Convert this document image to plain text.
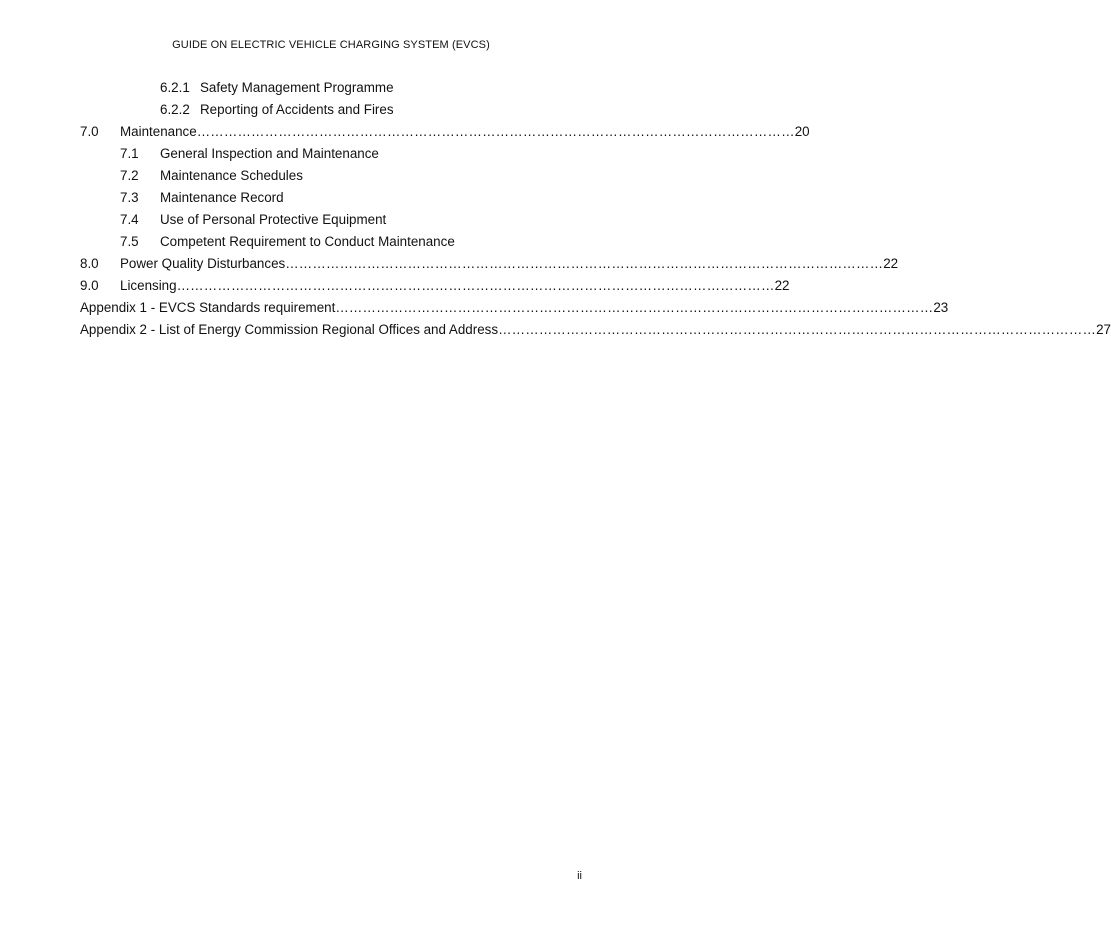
GUIDE ON ELECTRIC VEHICLE CHARGING SYSTEM (EVCS)
6.2.1 Safety Management Programme
6.2.2 Reporting of Accidents and Fires
7.0 Maintenance …………………………………………………………………………………………………………………… 20
7.1 General Inspection and Maintenance
7.2 Maintenance Schedules
7.3 Maintenance Record
7.4 Use of Personal Protective Equipment
7.5 Competent Requirement to Conduct Maintenance
8.0 Power Quality Disturbances …………………………………………………………………………………………………………………… 22
9.0 Licensing …………………………………………………………………………………………………………………… 22
Appendix 1 - EVCS Standards requirement …………………………………………………………………………………………………………………… 23
Appendix 2 - List of Energy Commission Regional Offices and Address …………………………………………………………………………………………………………………… 27
ii
